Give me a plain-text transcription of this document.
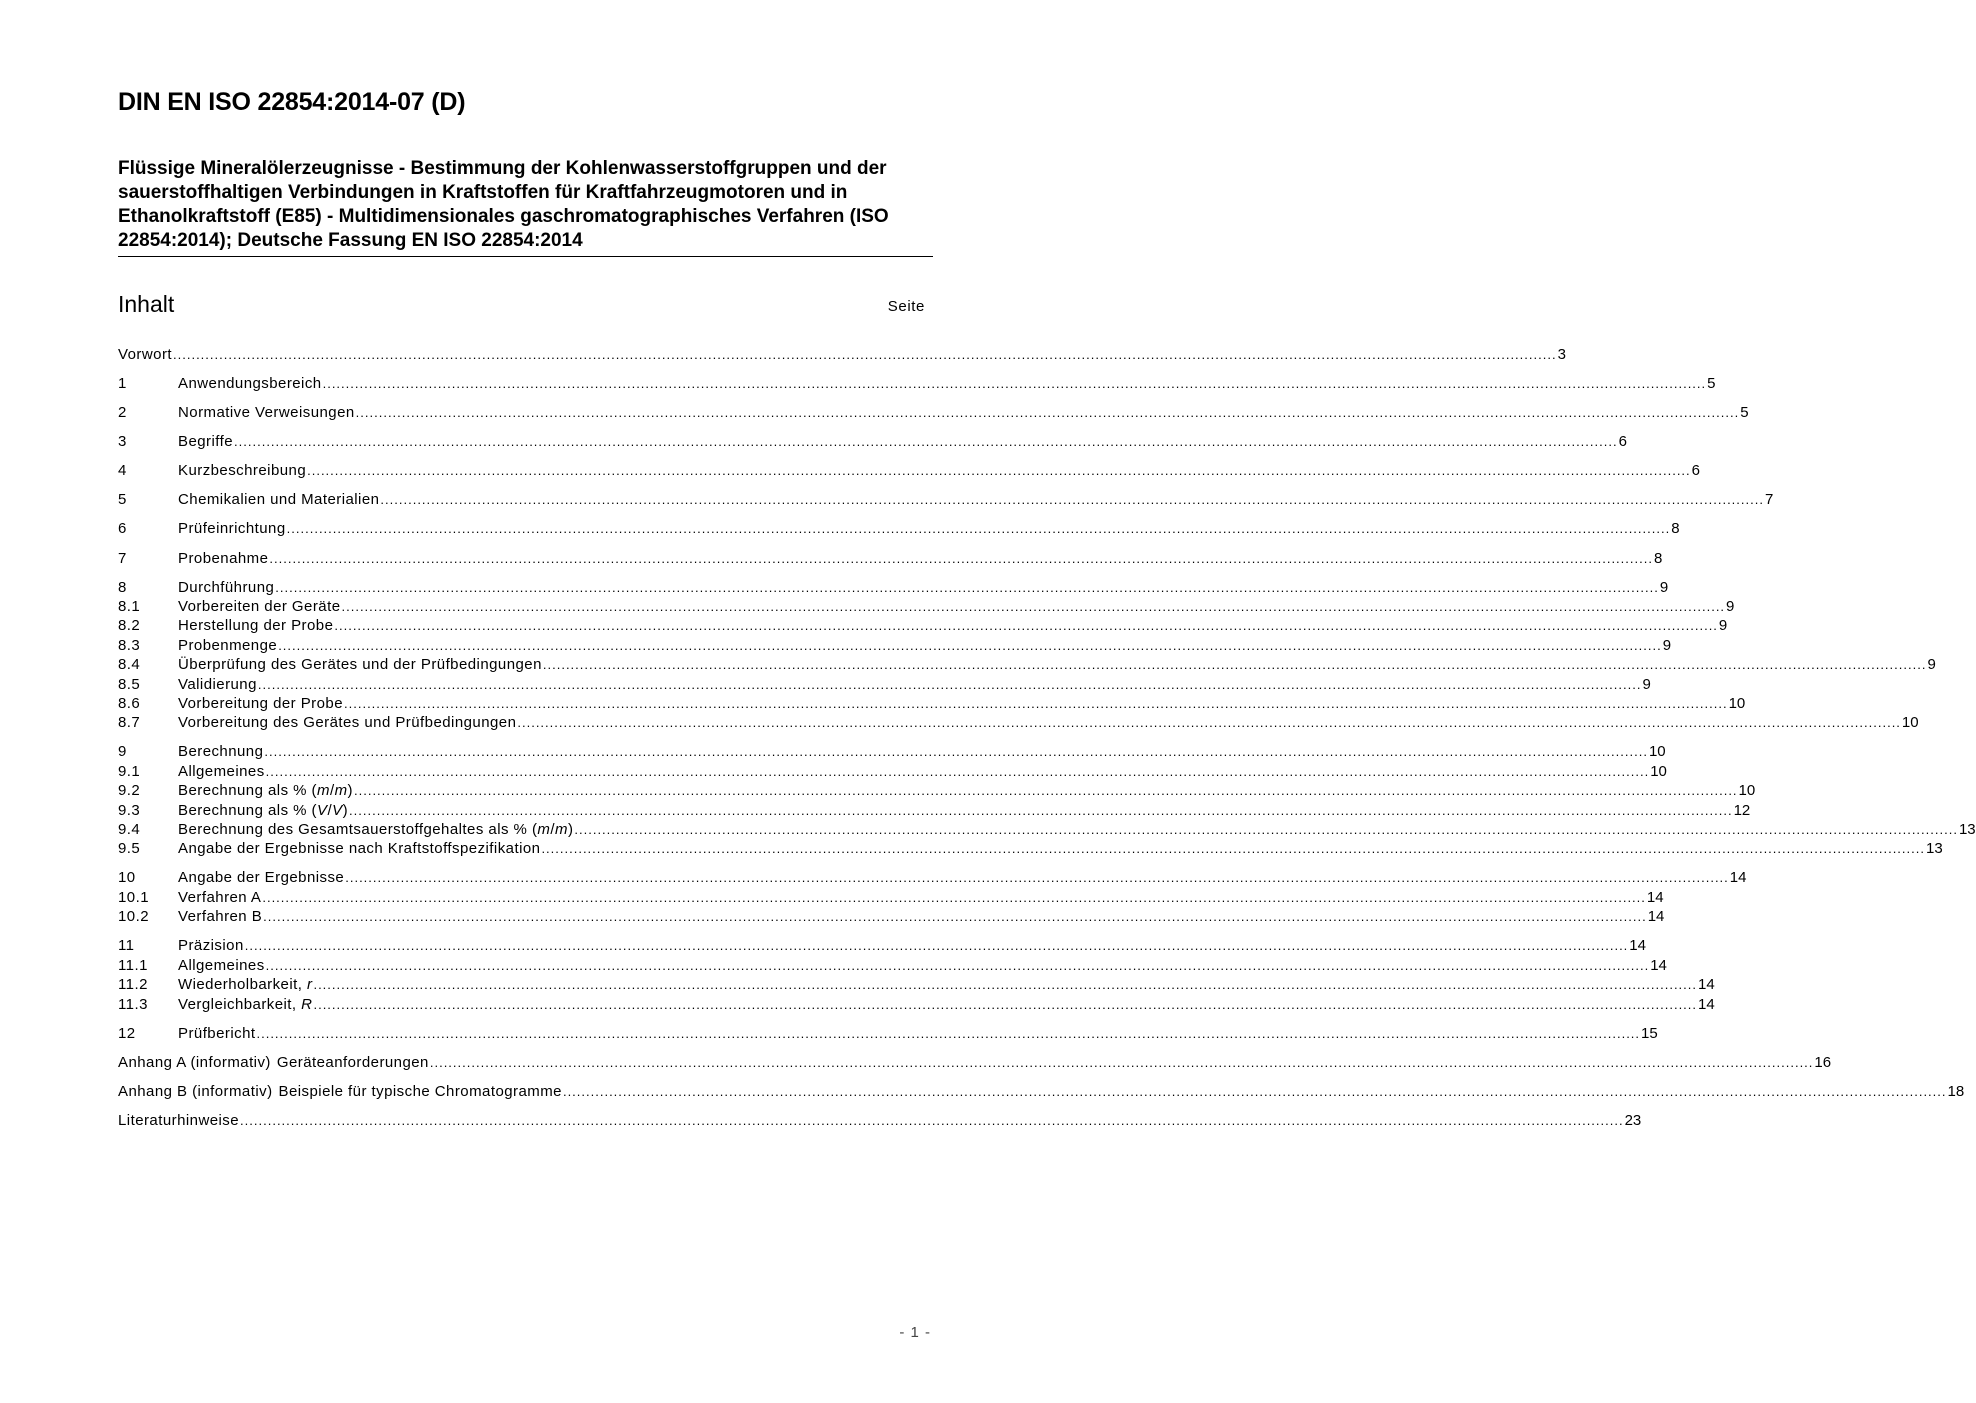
DIN EN ISO 22854:2014-07 (D)
Flüssige Mineralölerzeugnisse - Bestimmung der Kohlenwasserstoffgruppen und der sauerstoffhaltigen Verbindungen in Kraftstoffen für Kraftfahrzeugmotoren und in Ethanolkraftstoff (E85) - Multidimensionales gaschromatographisches Verfahren (ISO 22854:2014); Deutsche Fassung EN ISO 22854:2014
Inhalt	Seite
Vorwort ............................................................................................................................................................................................................................................................................................................ 3
1	Anwendungsbereich ............................................................................................................................................................................................................................................................................................................ 5
2	Normative Verweisungen ............................................................................................................................................................................................................................................................................................................ 5
3	Begriffe ............................................................................................................................................................................................................................................................................................................ 6
4	Kurzbeschreibung ............................................................................................................................................................................................................................................................................................................ 6
5	Chemikalien und Materialien ............................................................................................................................................................................................................................................................................................................ 7
6	Prüfeinrichtung ............................................................................................................................................................................................................................................................................................................ 8
7	Probenahme ............................................................................................................................................................................................................................................................................................................ 8
8	Durchführung ............................................................................................................................................................................................................................................................................................................ 9
8.1	Vorbereiten der Geräte ............................................................................................................................................................................................................................................................................................................ 9
8.2	Herstellung der Probe ............................................................................................................................................................................................................................................................................................................ 9
8.3	Probenmenge ............................................................................................................................................................................................................................................................................................................ 9
8.4	Überprüfung des Gerätes und der Prüfbedingungen ............................................................................................................................................................................................................................................................................................................ 9
8.5	Validierung ............................................................................................................................................................................................................................................................................................................ 9
8.6	Vorbereitung der Probe ............................................................................................................................................................................................................................................................................................................ 10
8.7	Vorbereitung des Gerätes und Prüfbedingungen ............................................................................................................................................................................................................................................................................................................ 10
9	Berechnung ............................................................................................................................................................................................................................................................................................................ 10
9.1	Allgemeines ............................................................................................................................................................................................................................................................................................................ 10
9.2	Berechnung als % (m/m) ............................................................................................................................................................................................................................................................................................................ 10
9.3	Berechnung als % (V/V) ............................................................................................................................................................................................................................................................................................................ 12
9.4	Berechnung des Gesamtsauerstoffgehaltes als % (m/m) ............................................................................................................................................................................................................................................................................................................ 13
9.5	Angabe der Ergebnisse nach Kraftstoffspezifikation ............................................................................................................................................................................................................................................................................................................ 13
10	Angabe der Ergebnisse ............................................................................................................................................................................................................................................................................................................ 14
10.1	Verfahren A ............................................................................................................................................................................................................................................................................................................ 14
10.2	Verfahren B ............................................................................................................................................................................................................................................................................................................ 14
11	Präzision ............................................................................................................................................................................................................................................................................................................ 14
11.1	Allgemeines ............................................................................................................................................................................................................................................................................................................ 14
11.2	Wiederholbarkeit, r ............................................................................................................................................................................................................................................................................................................ 14
11.3	Vergleichbarkeit, R ............................................................................................................................................................................................................................................................................................................ 14
12	Prüfbericht ............................................................................................................................................................................................................................................................................................................ 15
Anhang A (informativ) Geräteanforderungen ............................................................................................................................................................................................................................................................................................................ 16
Anhang B (informativ) Beispiele für typische Chromatogramme ............................................................................................................................................................................................................................................................................................................ 18
Literaturhinweise ............................................................................................................................................................................................................................................................................................................ 23
- 1 -
